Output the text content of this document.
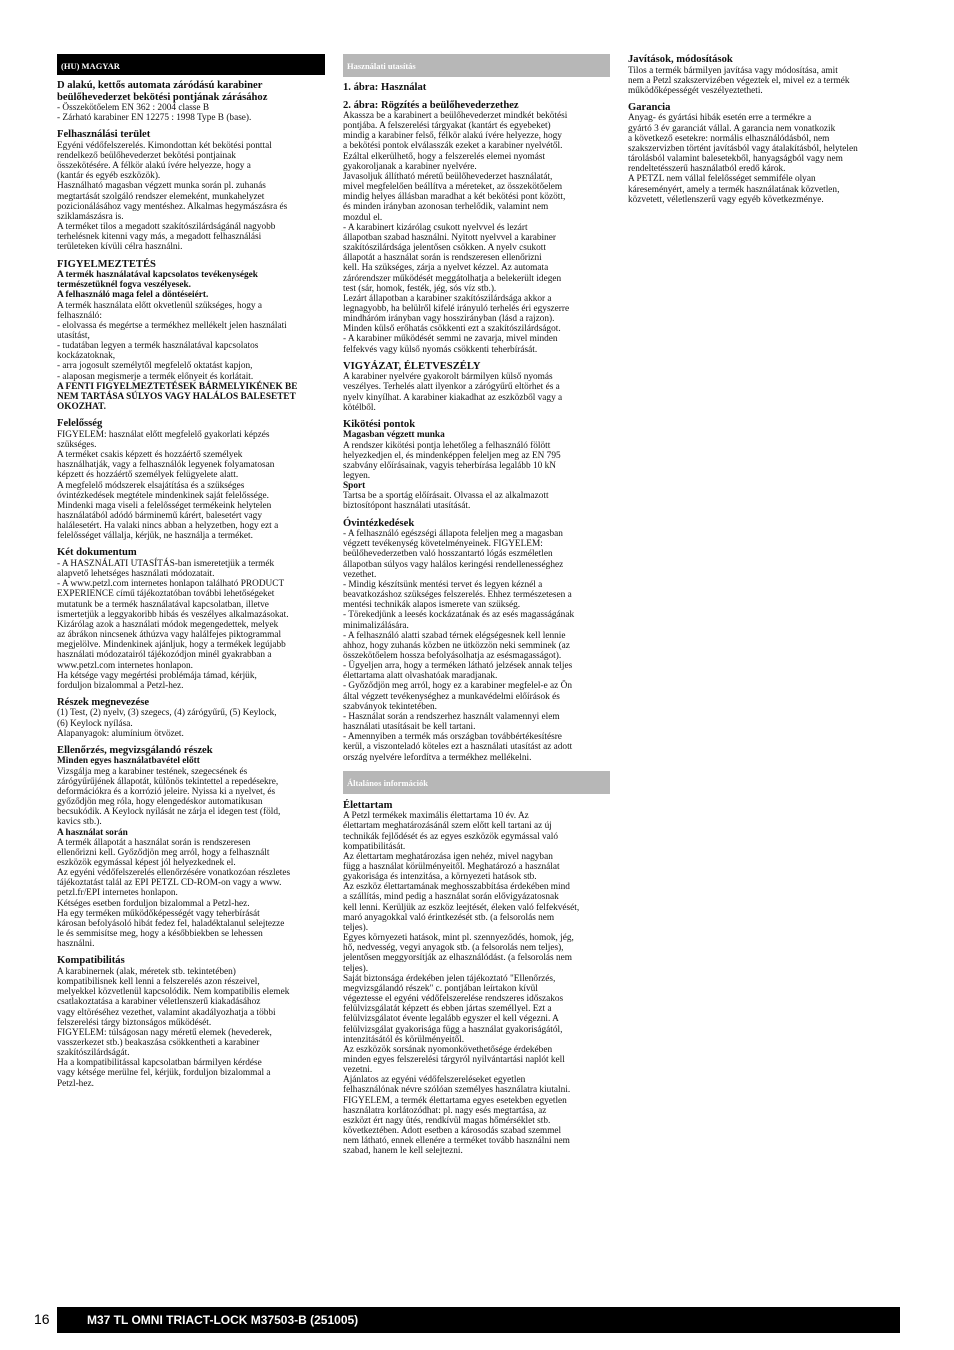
(HU) MAGYAR

D alakú, kettős automata záródású karabiner
beülőhevederzet bekötési pontjának zárásához

- Összekötőelem EN 362 : 2004 classe B
- Zárható karabiner EN 12275 : 1998 Type B (base).

Felhasználási terület

Egyéni védőfelszerelés. Kimondottan két bekötési ponttal
rendelkező beülőhevederzet bekötési pontjainak
összekötésére. A félkör alakú ívére helyezze, hogy a
(kantár és egyéb eszközök).
Használható magasban végzett munka során pl. zuhanás
megtartását szolgáló rendszer elemeként, munkahelyzet
pozicionálásához vagy mentéshez. Alkalmas hegymászásra és
sziklamászásra is.
A terméket tilos a megadott szakítószilárdságánál nagyobb
terhelésnek kitenni vagy más, a megadott felhasználási
területeken kívüli célra használni.

FIGYELMEZTETÉS

A termék használatával kapcsolatos tevékenységek
természetüknél fogva veszélyesek.

A felhasználó maga felel a döntéseiért.

A termék használata előtt okvetlenül szükséges, hogy a
felhasználó:
- elolvassa és megértse a termékhez mellékelt jelen használati
utasítást,
- tudatában legyen a termék használatával kapcsolatos
kockázatoknak,
- arra jogosult személytől megfelelő oktatást kapjon,
- alaposan megismerje a termék előnyeit és korlátait.

A FENTI FIGYELMEZTETÉSEK BÁRMELYIKÉNEK BE
NEM TARTÁSA SÚLYOS VAGY HALÁLOS BALESETET
OKOZHAT.

Felelősség

FIGYELEM: használat előtt megfelelő gyakorlati képzés
szükséges.
A terméket csakis képzett és hozzáértő személyek
használhatják, vagy a felhasználók legyenek folyamatosan
képzett és hozzáértő személyek felügyelete alatt.
A megfelelő módszerek elsajátítása és a szükséges
óvintézkedések megtétele mindenkinek saját felelőssége.
Mindenki maga viseli a felelősséget termékeink helytelen
használatából adódó bárminemű kárért, balesetért vagy
halálesetért. Ha valaki nincs abban a helyzetben, hogy ezt a
felelősséget vállalja, kérjük, ne használja a terméket.

Két dokumentum

- A HASZNÁLATI UTASÍTÁS-ban ismeretetjük a termék
alapvető lehetséges használati módozatait.
- A www.petzl.com internetes honlapon található PRODUCT
EXPERIENCE című tájékoztatóban további lehetőségeket
mutatunk be a termék használatával kapcsolatban, illetve
ismertetjük a leggyakoribb hibás és veszélyes alkalmazásokat.
Kizárólag azok a használati módok megengedettek, melyek
az ábrákon nincsenek áthúzva vagy halálfejes piktogrammal
megjelölve. Mindenkinek ajánljuk, hogy a termékek legújabb
használati módozatairól tájékozódjon minél gyakrabban a
www.petzl.com internetes honlapon.
Ha kétsége vagy megértési problémája támad, kérjük,
forduljon bizalommal a Petzl-hez.

Részek megnevezése

(1) Test, (2) nyelv, (3) szegecs, (4) zárógyűrű, (5) Keylock,
(6) Keylock nyílása.
Alapanyagok: alumínium ötvözet.

Ellenőrzés, megvizsgálandó részek

Minden egyes használatbavétel előtt

Vizsgálja meg a karabiner testének, szegecsének és
zárógyűrűjének állapotát, különös tekintettel a repedésekre,
deformációkra és a korrózió jeleire. Nyissa ki a nyelvet, és
győződjön meg róla, hogy elengedéskor automatikusan
becsukódik. A Keylock nyílását ne zárja el idegen test (föld,
kavics stb.).

A használat során

A termék állapotát a használat során is rendszeresen
ellenőrizni kell. Győződjön meg arról, hogy a felhasznált
eszközök egymással képest jól helyezkednek el.
Az egyéni védőfelszerelés ellenőrzésére vonatkozóan részletes
tájékoztatást talál az EPI PETZL CD-ROM-on vagy a www.
petzl.fr/EPI internetes honlapon.
Kétséges esetben forduljon bizalommal a Petzl-hez.
Ha egy terméken működőképességét vagy teherbírását
károsan befolyásoló hibát fedez fel, haladéktalanul selejtezze
le és semmisítse meg, hogy a későbbiekben se lehessen
használni.

Kompatibilitás

A karabinernek (alak, méretek stb. tekintetében)
kompatibilisnek kell lenni a felszerelés azon részeivel,
melyekkel közvetlenül kapcsolódik. Nem kompatibilis elemek
csatlakoztatása a karabiner véletlenszerű kiakadásához
vagy eltöréséhez vezethet, valamint akadályozhatja a többi
felszerelési tárgy biztonságos működését.
FIGYELEM: túlságosan nagy méretű elemek (hevederek,
vasszerkezet stb.) beakaszása csökkentheti a karabiner
szakítószilárdságát.
Ha a kompatibilitással kapcsolatban bármilyen kérdése
vagy kétsége merülne fel, kérjük, forduljon bizalommal a
Petzl-hez.

Használati utasítás

1. ábra: Használat

2. ábra: Rögzítés a beülőhevederzethez

Akassza be a karabinert a beülőhevederzet mindkét bekötési
pontjába. A felszerelési tárgyakat (kantárt és egyebeket)
mindig a karabiner felső, félkör alakú ívére helyezze, hogy
a bekötési pontok elválasszák ezeket a karabiner nyelvétől.
Ezáltal elkerülhető, hogy a felszerelés elemei nyomást
gyakoroljanak a karabiner nyelvére.
Javasoljuk állítható méretű beülőhevederzet használatát,
mivel megfelelően beállítva a méreteket, az összekötőelem
mindig helyes állásban maradhat a két bekötési pont között,
és minden irányban azonosan terhelődik, valamint nem
mozdul el.
- A karabinert kizárólag csukott nyelvvel és lezárt
állapotban szabad használni. Nyitott nyelvvel a karabiner
szakítószilárdsága jelentősen csökken. A nyelv csukott
állapotát a használat során is rendszeresen ellenőrizni
kell. Ha szükséges, zárja a nyelvet kézzel. Az automata
zárórendszer működését meggátolhatja a belekerült idegen
test (sár, homok, festék, jég, sós víz stb.).
Lezárt állapotban a karabiner szakítószilárdsága akkor a
legnagyobb, ha belülről kifelé irányuló terhelés éri egyszerre
mindháróm irányban vagy hosszirányban (lásd a rajzon).
Minden külső erőhatás csökkenti ezt a szakítószilárdságot.
- A karabiner működését semmi ne zavarja, mivel minden
felfekvés vagy külső nyomás csökkenti teherbírását.

VIGYÁZAT, ÉLETVESZÉLY

A karabiner nyelvére gyakorolt bármilyen külső nyomás
veszélyes. Terhelés alatt ilyenkor a zárógyűrű eltörhet és a
nyelv kinyílhat. A karabiner kiakadhat az eszközből vagy a
kötélből.

Kikötési pontok

Magasban végzett munka

A rendszer kikötési pontja lehetőleg a felhasználó fölött
helyezkedjen el, és mindenképpen feleljen meg az EN 795
szabvány előírásainak, vagyis teherbírása legalább 10 kN
legyen.

Sport

Tartsa be a sportág előírásait. Olvassa el az alkalmazott
biztosítópont használati utasítását.

Óvintézkedések

- A felhasználó egészségi állapota feleljen meg a magasban
végzett tevékenység követelményeinek. FIGYELEM:
beülőhevederzetben való hosszantartó lógás eszméletlen
állapotban súlyos vagy halálos keringési rendellenességhez
vezethet.
- Mindig készítsünk mentési tervet és legyen kéznél a
beavatkozáshoz szükséges felszerelés. Ehhez természetesen a
mentési technikák alapos ismerete van szükség.
- Törekedjünk a leesés kockázatának és az esés magasságának
minimalizálására.
- A felhasználó alatti szabad térnek elégségesnek kell lennie
ahhoz, hogy zuhanás közben ne ütközzön neki semminek (az
összekötőelem hossza befolyásolhatja az esésmagasságot).
- Ügyeljen arra, hogy a terméken látható jelzések annak teljes
élettartama alatt olvashatóak maradjanak.
- Győződjön meg arról, hogy ez a karabiner megfelel-e az Ön
által végzett tevékenységhez a munkavédelmi előírások és
szabványok tekintetében.
- Használat során a rendszerhez használt valamennyi elem
használati utasításait be kell tartani.
- Amennyiben a termék más országban továbbértékesítésre
kerül, a viszonteladó köteles ezt a használati utasítást az adott
ország nyelvére lefordítva a termékhez mellékelni.

Általános információk

Élettartam

A Petzl termékek maximális élettartama 10 év. Az
élettartam meghatározásánál szem előtt kell tartani az új
technikák fejlődését és az egyes eszközök egymással való
kompatibilitását.
Az élettartam meghatározása igen nehéz, mivel nagyban
függ a használat körülményeitől. Meghatározó a használat
gyakorisága és intenzitása, a környezeti hatások stb.
Az eszköz élettartamának meghosszabbítása érdekében mind
a szállítás, mind pedig a használat során elővigyázatosnak
kell lenni. Kerüljük az eszköz leejtését, éleken való felfekvését,
maró anyagokkal való érintkezését stb. (a felsorolás nem
teljes).
Egyes környezeti hatások, mint pl. szennyeződés, homok, jég,
hő, nedvesség, vegyi anyagok stb. (a felsorolás nem teljes),
jelentősen meggyorsítják az elhasználódást. (a felsorolás nem
teljes).
Saját biztonsága érdekében jelen tájékoztató "Ellenőrzés,
megvizsgálandó részek" c. pontjában leírtakon kívül
végeztesse el egyéni védőfelszerelése rendszeres időszakos
felülvizsgálatát képzett és ebben jártas személlyel. Ezt a
felülvizsgálatot évente legalább egyszer el kell végezni. A
felülvizsgálat gyakorisága függ a használat gyakoriságától,
intenzitásától és körülményeitől.
Az eszközök sorsának nyomonkövethetősége érdekében
minden egyes felszerelési tárgyról nyilvántartási naplót kell
vezetni.
Ajánlatos az egyéni védőfelszereléseket egyetlen
felhasználónak névre szólóan személyes használatra kiutalni.
FIGYELEM, a termék élettartama egyes esetekben egyetlen
használatra korlátozódhat: pl. nagy esés megtartása, az
eszközt ért nagy ütés, rendkívül magas hőmérséklet stb.
következtében. Adott esetben a károsodás szabad szemmel
nem látható, ennek ellenére a terméket tovább használni nem
szabad, hanem le kell selejtezni.

Javítások, módosítások

Tilos a termék bármilyen javítása vagy módosítása, amit
nem a Petzl szakszervizében végeztek el, mivel ez a termék
működőképességét veszélyeztetheti.

Garancia

Anyag- és gyártási hibák esetén erre a termékre a
gyártó 3 év garanciát vállal. A garancia nem vonatkozik
a következő esetekre: normális elhasználódásból, nem
szakszervizben történt javításból vagy átalakításból, helytelen
tárolásból valamint balesetekből, hanyagságból vagy nem
rendeltetésszerű használatból eredő károk.
A PETZL nem vállal felelősséget semmiféle olyan
káreseményért, amely a termék használatának közvetlen,
közvetett, véletlenszerű vagy egyéb következménye.

16	M37 TL OMNI TRIACT-LOCK M37503-B (251005)
